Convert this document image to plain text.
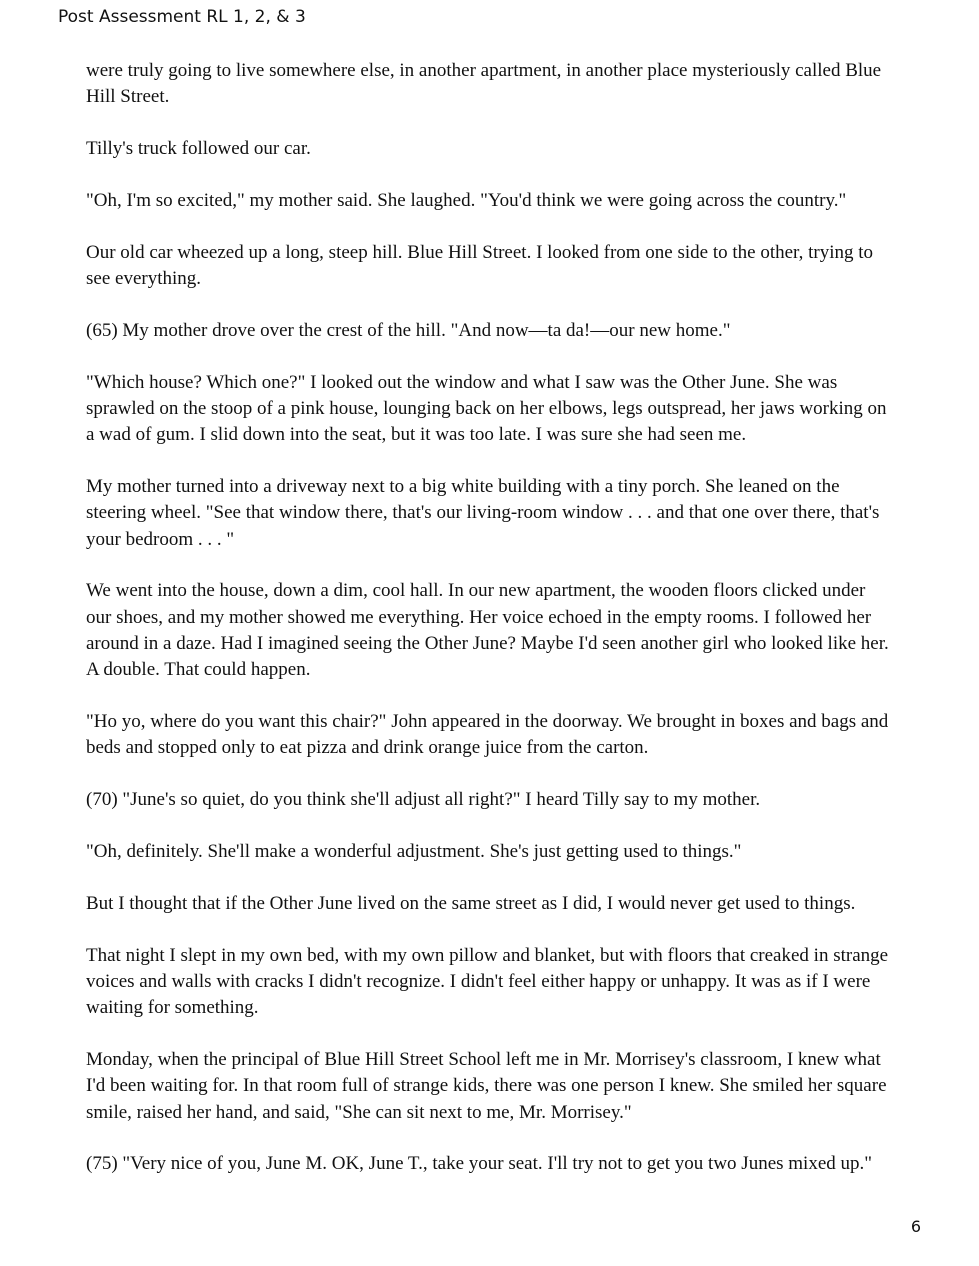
Post Assessment RL 1, 2, & 3

were truly going to live somewhere else, in another apartment, in another place mysteriously called Blue Hill Street.

Tilly's truck followed our car.

"Oh, I'm so excited," my mother said. She laughed. "You'd think we were going across the country."

Our old car wheezed up a long, steep hill. Blue Hill Street. I looked from one side to the other, trying to see everything.

(65) My mother drove over the crest of the hill. "And now—ta da!—our new home."

"Which house? Which one?" I looked out the window and what I saw was the Other June. She was sprawled on the stoop of a pink house, lounging back on her elbows, legs outspread, her jaws working on a wad of gum. I slid down into the seat, but it was too late. I was sure she had seen me.

My mother turned into a driveway next to a big white building with a tiny porch. She leaned on the steering wheel. "See that window there, that's our living-room window . . . and that one over there, that's your bedroom . . . "

We went into the house, down a dim, cool hall. In our new apartment, the wooden floors clicked under our shoes, and my mother showed me everything. Her voice echoed in the empty rooms. I followed her around in a daze. Had I imagined seeing the Other June? Maybe I'd seen another girl who looked like her. A double. That could happen.

"Ho yo, where do you want this chair?" John appeared in the doorway. We brought in boxes and bags and beds and stopped only to eat pizza and drink orange juice from the carton.

(70) "June's so quiet, do you think she'll adjust all right?" I heard Tilly say to my mother.

"Oh, definitely. She'll make a wonderful adjustment. She's just getting used to things."

But I thought that if the Other June lived on the same street as I did, I would never get used to things.

That night I slept in my own bed, with my own pillow and blanket, but with floors that creaked in strange voices and walls with cracks I didn't recognize. I didn't feel either happy or unhappy. It was as if I were waiting for something.

Monday, when the principal of Blue Hill Street School left me in Mr. Morrisey's classroom, I knew what I'd been waiting for. In that room full of strange kids, there was one person I knew. She smiled her square smile, raised her hand, and said, "She can sit next to me, Mr. Morrisey."

(75) "Very nice of you, June M. OK, June T., take your seat. I'll try not to get you two Junes mixed up."

6
